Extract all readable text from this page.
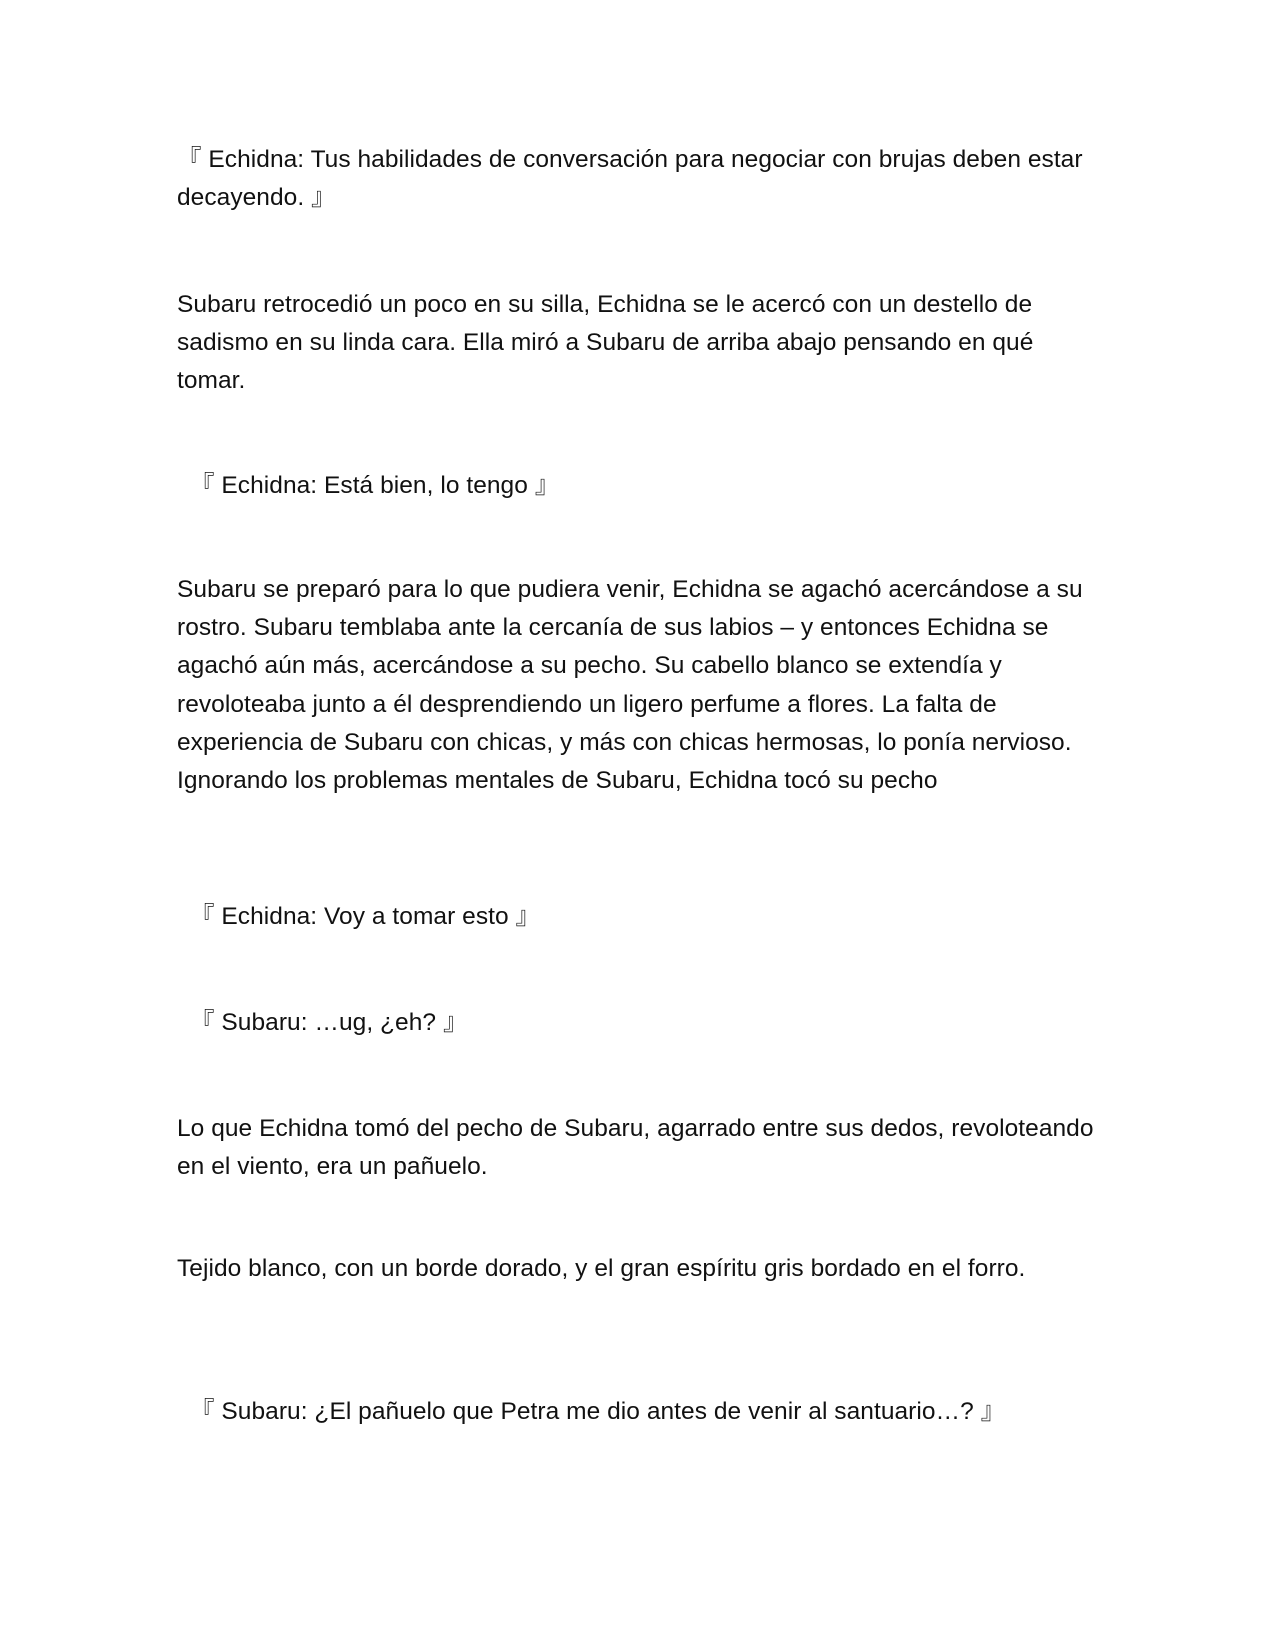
『 Echidna: Tus habilidades de conversación para negociar con brujas deben estar decayendo. 』

Subaru retrocedió un poco en su silla, Echidna se le acercó con un destello de sadismo en su linda cara. Ella miró a Subaru de arriba abajo pensando en qué tomar.

『 Echidna: Está bien, lo tengo 』

Subaru se preparó para lo que pudiera venir, Echidna se agachó acercándose a su rostro. Subaru temblaba ante la cercanía de sus labios – y entonces Echidna se agachó aún más, acercándose a su pecho. Su cabello blanco se extendía y revoloteaba junto a él desprendiendo un ligero perfume a flores. La falta de experiencia de Subaru con chicas, y más con chicas hermosas, lo ponía nervioso. Ignorando los problemas mentales de Subaru, Echidna tocó su pecho

『 Echidna: Voy a tomar esto 』

『 Subaru: …ug, ¿eh? 』

Lo que Echidna tomó del pecho de Subaru, agarrado entre sus dedos, revoloteando en el viento, era un pañuelo.

Tejido blanco, con un borde dorado, y el gran espíritu gris bordado en el forro.

『 Subaru: ¿El pañuelo que Petra me dio antes de venir al santuario…? 』
